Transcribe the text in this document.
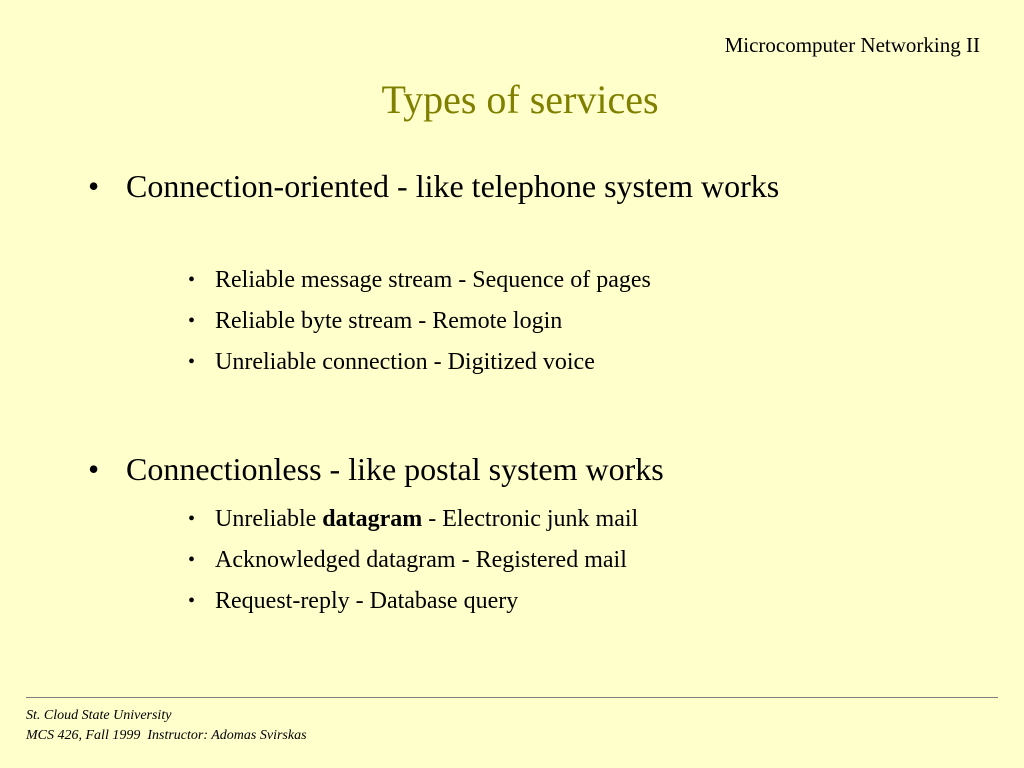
Microcomputer Networking II
Types of services
• Connection-oriented - like telephone system works
• Reliable message stream - Sequence of pages
• Reliable byte stream - Remote login
• Unreliable connection - Digitized voice
• Connectionless - like postal system works
• Unreliable datagram - Electronic junk mail
• Acknowledged datagram - Registered mail
• Request-reply - Database query
St. Cloud State University
MCS 426, Fall 1999  Instructor: Adomas Svirskas
